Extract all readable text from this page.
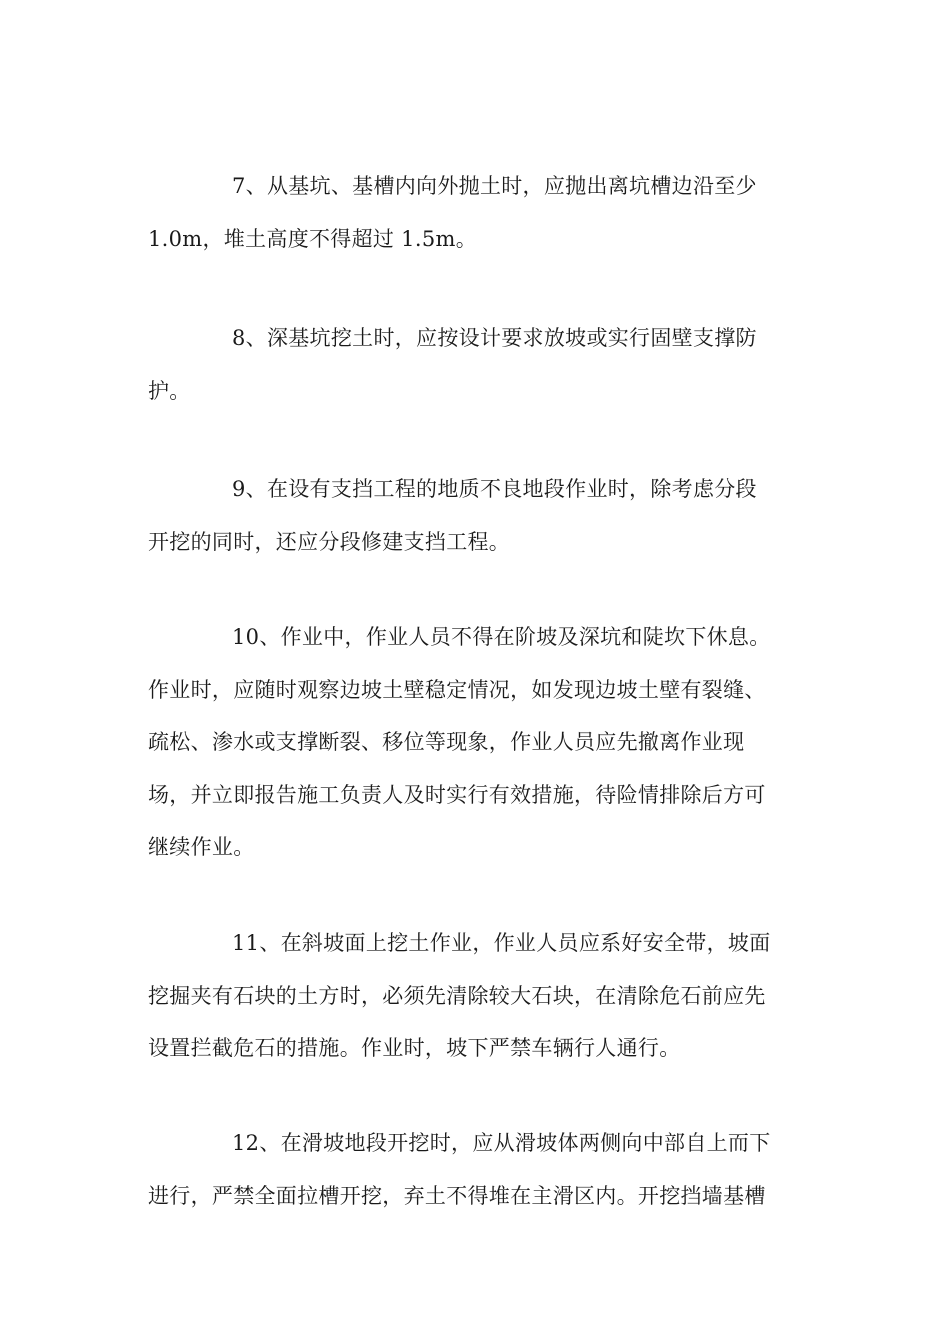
7、从基坑、基槽内向外抛土时，应抛出离坑槽边沿至少
1.0m，堆土高度不得超过 1.5m。
8、深基坑挖土时，应按设计要求放坡或实行固壁支撑防
护。
9、在设有支挡工程的地质不良地段作业时，除考虑分段
开挖的同时，还应分段修建支挡工程。
10、作业中，作业人员不得在阶坡及深坑和陡坎下休息。
作业时，应随时观察边坡土壁稳定情况，如发现边坡土壁有裂缝、
疏松、渗水或支撑断裂、移位等现象，作业人员应先撤离作业现
场，并立即报告施工负责人及时实行有效措施，待险情排除后方可
继续作业。
11、在斜坡面上挖土作业，作业人员应系好安全带，坡面
挖掘夹有石块的土方时，必须先清除较大石块，在清除危石前应先
设置拦截危石的措施。作业时，坡下严禁车辆行人通行。
12、在滑坡地段开挖时，应从滑坡体两侧向中部自上而下
进行，严禁全面拉槽开挖，弃土不得堆在主滑区内。开挖挡墙基槽
